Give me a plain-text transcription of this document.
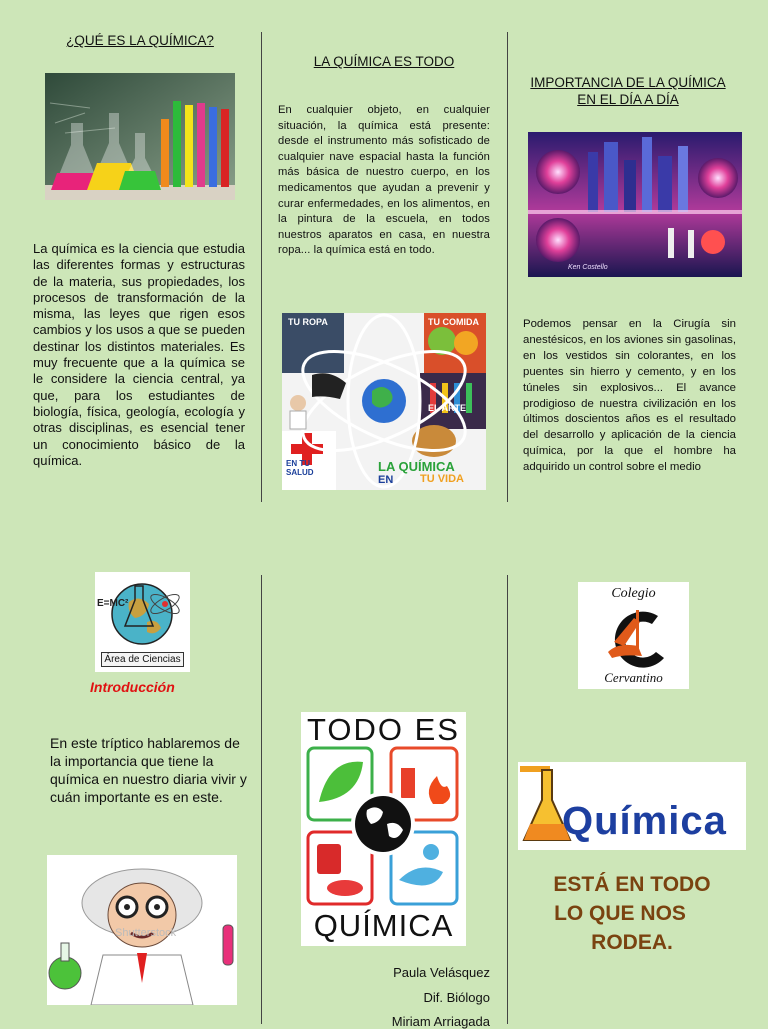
¿QUÉ ES LA QUÍMICA?
La química es la ciencia que estudia las diferentes formas y estructuras de la materia, sus propiedades, los procesos de transformación de la misma, las leyes que rigen esos cambios y los usos a que se pueden destinar los distintos materiales. Es muy frecuente que a la química se le considere la ciencia central, ya que, para los estudiantes de biología, física, geología, ecología y otras disciplinas, es esencial tener un conocimiento básico de la química.
LA QUÍMICA ES TODO
En cualquier objeto, en cualquier situación, la química está presente: desde el instrumento más sofisticado de cualquier nave espacial hasta la función más básica de nuestro cuerpo, en los medicamentos que ayudan a prevenir y curar enfermedades, en los alimentos, en la pintura de la escuela, en todos nuestros aparatos en casa, en nuestra ropa... la química está en todo.
TU ROPA	TU COMIDA
EL ARTE
EN TU SALUD	LA QUÍMICA
EN TU VIDA
IMPORTANCIA DE LA QUÍMICA EN EL DÍA A DÍA
Ken Costello
Podemos pensar en la Cirugía sin anestésicos, en los aviones sin gasolinas, en los vestidos sin colorantes, en los puentes sin hierro y cemento, y en los túneles sin explosivos... El avance prodigioso de nuestra civilización en los últimos doscientos años es el resultado del desarrollo y aplicación de la ciencia química, por la que el hombre ha adquirido un control sobre el medio
E=MC²
Área de Ciencias
Introducción
En este tríptico hablaremos de la importancia que tiene la química en nuestro diaria vivir y cuán importante es en este.
Shutterstock
TODO ES
QUÍMICA
Paula Velásquez
Dif. Biólogo
Miriam Arriagada
Colegio
Cervantino
Química
ESTÁ EN TODO
LO QUE NOS
RODEA.
